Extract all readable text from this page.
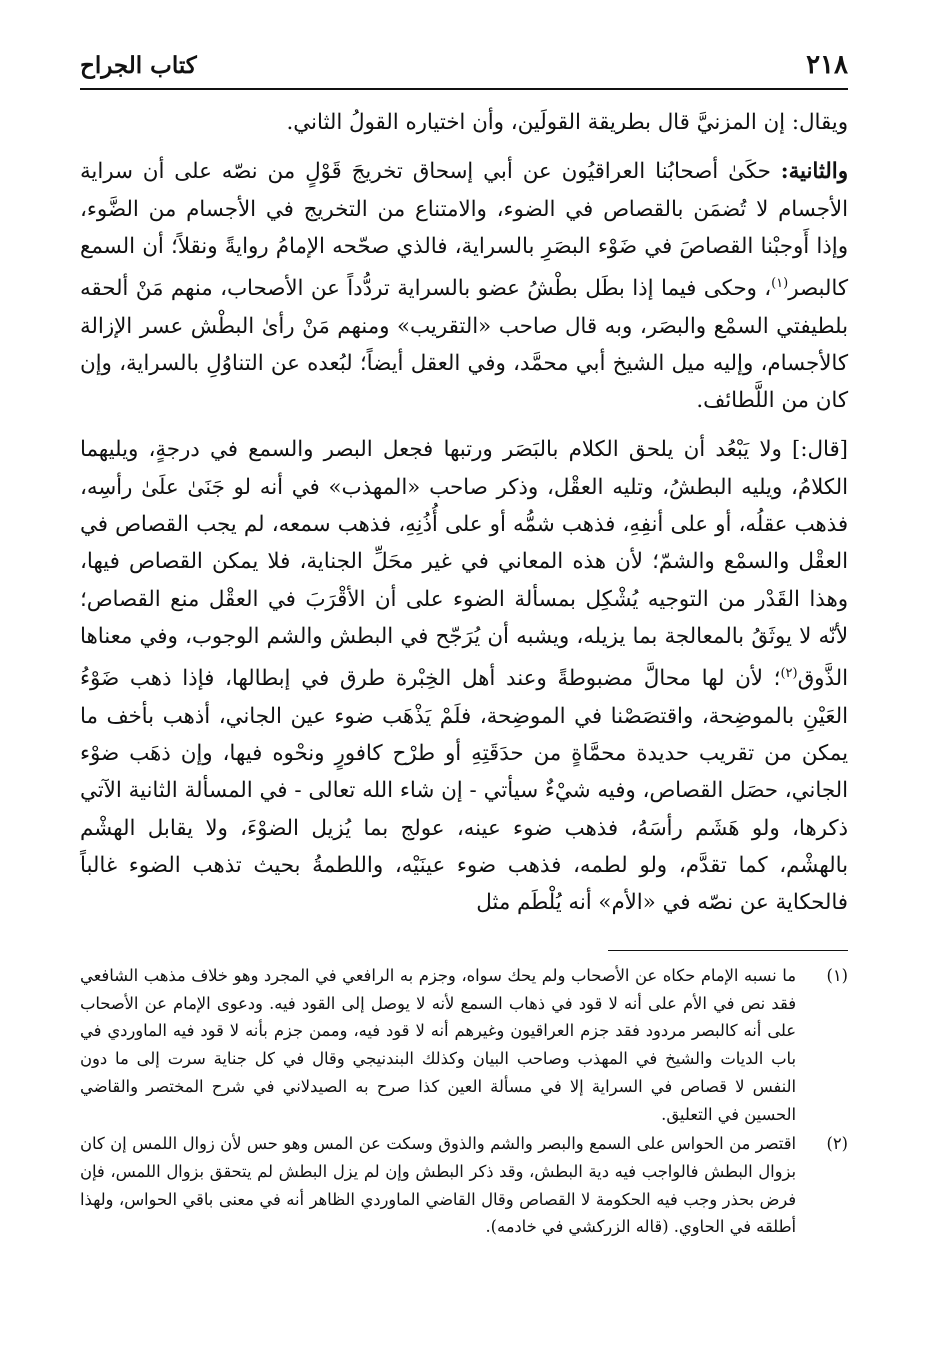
٢١٨
كتاب الجراح

ويقال: إن المزنيَّ قال بطريقة القولَين، وأن اختياره القولُ الثاني.

والثانية: حكَىٰ أصحابُنا العراقيُون عن أبي إسحاق تخريجَ قَوْلٍ من نصّه على أن سراية الأجسام لا تُضمَن بالقصاص في الضوء، والامتناع من التخريج في الأجسام من الضَّوء، وإذا أَوجبْنا القصاصَ في ضَوْء البصَرِ بالسراية، فالذي صحّحه الإمامُ روايةً ونقلاً؛ أن السمع كالبصر$^{(١)}$، وحكى فيما إذا بطَل بطْشُ عضو بالسراية تردُّداً عن الأصحاب، منهم مَنْ ألحقه بلطيفتي السمْع والبصَر، وبه قال صاحب «التقريب» ومنهم مَنْ رأىٰ البطْش عسر الإزالة كالأجسام، وإليه ميل الشيخ أبي محمَّد، وفي العقل أيضاً؛ لبُعده عن التناوُلِ بالسراية، وإن كان من اللَّطائف.

[قال:] ولا يَبْعُد أن يلحق الكلام بالبَصَر ورتبها فجعل البصر والسمع في درجةٍ، ويليهما الكلامُ، ويليه البطشُ، وتليه العقْل، وذكر صاحب «المهذب» في أنه لو جَنَىٰ علَىٰ رأسِه، فذهب عقلُه، أو على أنفِهِ، فذهب شمُّه أو على أُذُنِهِ، فذهب سمعه، لم يجب القصاص في العقْل والسمْع والشمّ؛ لأن هذه المعاني في غير محَلِّ الجناية، فلا يمكن القصاص فيها، وهذا القَدْر من التوجيه يُشْكِل بمسألة الضوء على أن الأقْرَبَ في العقْل منع القصاص؛ لأنّه لا يوثَقُ بالمعالجة بما يزيله، ويشبه أن يُرَجّح في البطش والشم الوجوب، وفي معناها الذَّوق$^{(٢)}$؛ لأن لها محالَّ مضبوطةً وعند أهل الخِبْرة طرق في إبطالها، فإذا ذهب ضَوْءُ العَيْنِ بالموضِحة، واقتصَصْنا في الموضِحة، فلَمْ يَذْهَب ضوء عين الجاني، أذهب بأخف ما يمكن من تقريب حديدة محمَّاةٍ من حدَقَتِهِ أو طرْح كافورٍ ونحْوه فيها، وإن ذهَب ضوْء الجاني، حصَل القصاص، وفيه شيْءٌ سيأتي - إن شاء الله تعالى - في المسألة الثانية الآتي ذكرها، ولو هَشَم رأسَهُ، فذهب ضوء عينه، عولج بما يُزيل الضوْءَ، ولا يقابل الهشْم بالهشْم، كما تقدَّم، ولو لطمه، فذهب ضوء عينَيْه، واللطمةُ بحيث تذهب الضوء غالباً فالحكاية عن نصّه في «الأم» أنه يُلْطَم مثل

(١)
ما نسبه الإمام حكاه عن الأصحاب ولم يحك سواه، وجزم به الرافعي في المجرد وهو خلاف مذهب الشافعي فقد نص في الأم على أنه لا قود في ذهاب السمع لأنه لا يوصل إلى القود فيه. ودعوى الإمام عن الأصحاب على أنه كالبصر مردود فقد جزم العراقيون وغيرهم أنه لا قود فيه، وممن جزم بأنه لا قود فيه الماوردي في باب الديات والشيخ في المهذب وصاحب البيان وكذلك البندنيجي وقال في كل جناية سرت إلى ما دون النفس لا قصاص في السراية إلا في مسألة العين كذا صرح به الصيدلاني في شرح المختصر والقاضي الحسين في التعليق.
(٢)
اقتصر من الحواس على السمع والبصر والشم والذوق وسكت عن المس وهو حس لأن زوال اللمس إن كان بزوال البطش فالواجب فيه دية البطش، وقد ذكر البطش وإن لم يزل البطش لم يتحقق بزوال اللمس، فإن فرض بحذر وجب فيه الحكومة لا القصاص وقال القاضي الماوردي الظاهر أنه في معنى باقي الحواس، ولهذا أطلقه في الحاوي. (قاله الزركشي في خادمه).
